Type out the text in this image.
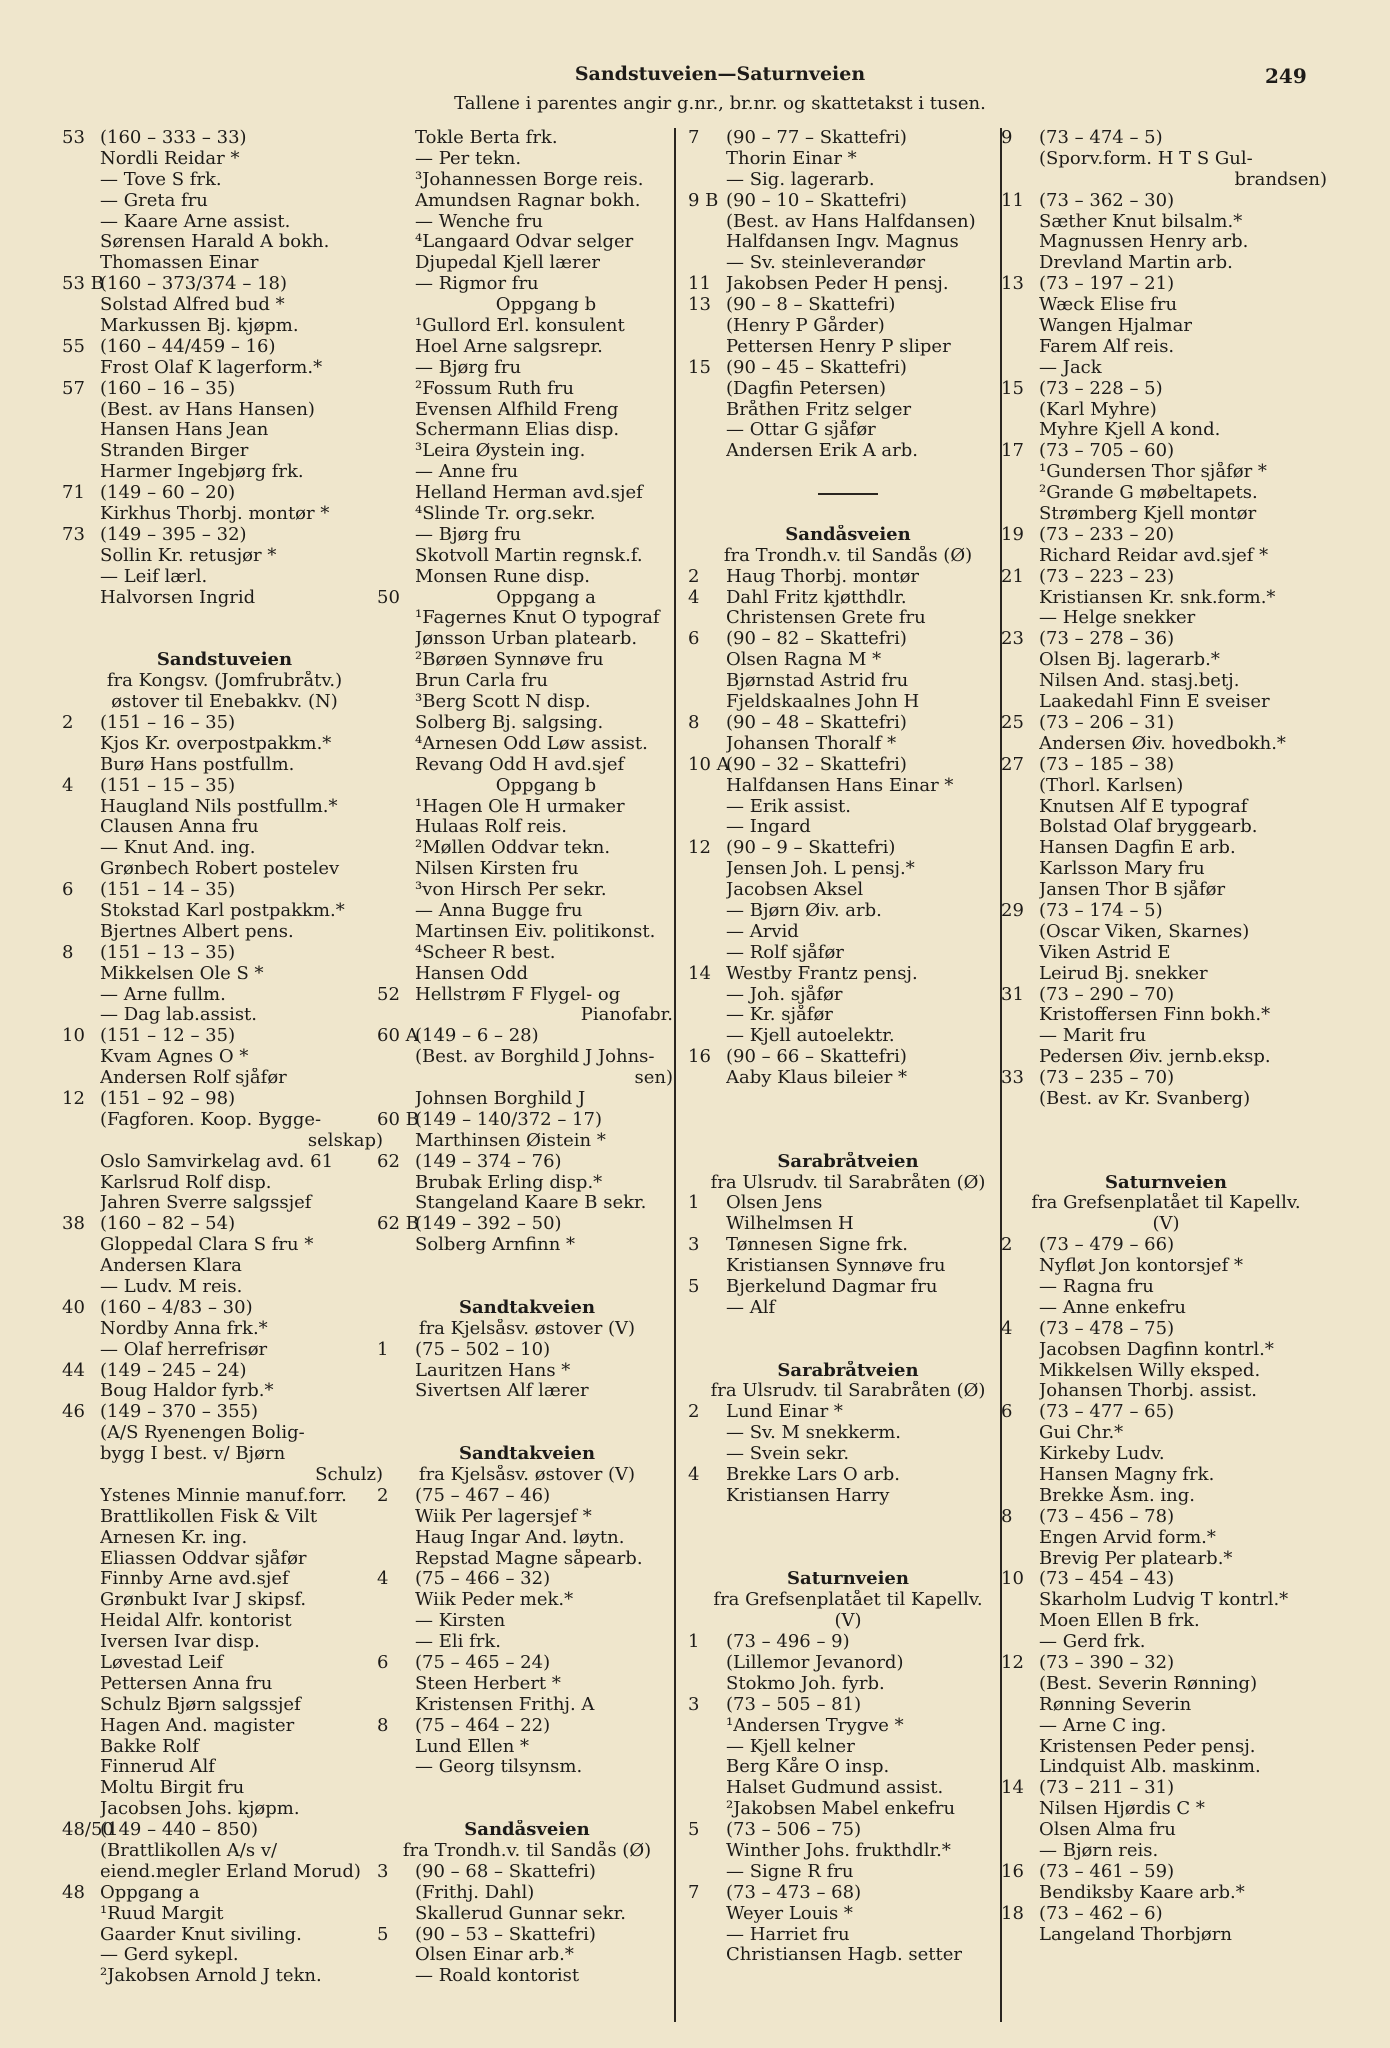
Sandstuveien—Saturnveien
Tallene i parentes angir g.nr., br.nr. og skattetakst i tusen.
249
53 (160 – 333 – 33)
Nordli Reidar *
— Tove S frk.
— Greta fru
— Kaare Arne assist.
Sørensen Harald A bokh.
Thomassen Einar
53 B
(160 – 373/374 – 18)
Solstad Alfred bud *
Markussen Bj. kjøpm.
55 (160 – 44/459 – 16)
Frost Olaf K lagerform.*
57 (160 – 16 – 35)
(Best. av Hans Hansen)
Hansen Hans Jean
Stranden Birger
Harmer Ingebjørg frk.
71 (149 – 60 – 20)
Kirkhus Thorbj. montør *
73 (149 – 395 – 32)
Sollin Kr. retusjør *
— Leif lærl.
Halvorsen Ingrid
Sandstuveien
fra Kongsv. (Jomfrubråtv.)
østover til Enebakkv. (N)
2	(151 – 16 – 35)
Kjos Kr. overpostpakkm.*
Burø Hans postfullm.
4	(151 – 15 – 35)
Haugland Nils postfullm.*
Clausen Anna fru
— Knut And. ing.
Grønbech Robert postelev
6	(151 – 14 – 35)
Stokstad Karl postpakkm.*
Bjertnes Albert pens.
8	(151 – 13 – 35)
Mikkelsen Ole S *
— Arne fullm.
— Dag lab.assist.
10 (151 – 12 – 35)
Kvam Agnes O *
Andersen Rolf sjåfør
12 (151 – 92 – 98)
(Fagforen. Koop. Bygge-
selskap)
Oslo Samvirkelag avd. 61
Karlsrud Rolf disp.
Jahren Sverre salgssjef
38 (160 – 82 – 54)
Gloppedal Clara S fru *
Andersen Klara
— Ludv. M reis.
40 (160 – 4/83 – 30)
Nordby Anna frk.*
— Olaf herrefrisør
44 (149 – 245 – 24)
Boug Haldor fyrb.*
46 (149 – 370 – 355)
(A/S Ryenengen Bolig-
bygg I best. v/ Bjørn
Schulz)
Ystenes Minnie manuf.forr.
Brattlikollen Fisk & Vilt
Arnesen Kr. ing.
Eliassen Oddvar sjåfør
Finnby Arne avd.sjef
Grønbukt Ivar J skipsf.
Heidal Alfr. kontorist
Iversen Ivar disp.
Løvestad Leif
Pettersen Anna fru
Schulz Bjørn salgssjef
Hagen And. magister
Bakke Rolf
Finnerud Alf
Moltu Birgit fru
Jacobsen Johs. kjøpm.
48/50
(149 – 440 – 850)
(Brattlikollen A/s v/
eiend.megler Erland Morud)
48 Oppgang a
¹Ruud Margit
Gaarder Knut siviling.
— Gerd sykepl.
²Jakobsen Arnold J tekn.
Tokle Berta frk.
— Per tekn.
³Johannessen Borge reis.
Amundsen Ragnar bokh.
— Wenche fru
⁴Langaard Odvar selger
Djupedal Kjell lærer
— Rigmor fru
Oppgang b
¹Gullord Erl. konsulent
Hoel Arne salgsrepr.
— Bjørg fru
²Fossum Ruth fru
Evensen Alfhild Freng
Schermann Elias disp.
³Leira Øystein ing.
— Anne fru
Helland Herman avd.sjef
⁴Slinde Tr. org.sekr.
— Bjørg fru
Skotvoll Martin regnsk.f.
Monsen Rune disp.
50	Oppgang a
¹Fagernes Knut O typograf
Jønsson Urban platearb.
²Børøen Synnøve fru
Brun Carla fru
³Berg Scott N disp.
Solberg Bj. salgsing.
⁴Arnesen Odd Løw assist.
Revang Odd H avd.sjef
Oppgang b
¹Hagen Ole H urmaker
Hulaas Rolf reis.
²Møllen Oddvar tekn.
Nilsen Kirsten fru
³von Hirsch Per sekr.
— Anna Bugge fru
Martinsen Eiv. politikonst.
⁴Scheer R best.
Hansen Odd
52 Hellstrøm F Flygel- og
Pianofabr.
60 A
(149 – 6 – 28)
(Best. av Borghild J Johns-
sen)
Johnsen Borghild J
60 B
(149 – 140/372 – 17)
Marthinsen Øistein *
62 (149 – 374 – 76)
Brubak Erling disp.*
Stangeland Kaare B sekr.
62 B
(149 – 392 – 50)
Solberg Arnfinn *
Sandtakveien
fra Kjelsåsv. østover (V)
1	(75 – 502 – 10)
Lauritzen Hans *
Sivertsen Alf lærer
Sandtakveien
fra Kjelsåsv. østover (V)
2	(75 – 467 – 46)
Wiik Per lagersjef *
Haug Ingar And. løytn.
Repstad Magne såpearb.
4	(75 – 466 – 32)
Wiik Peder mek.*
— Kirsten
— Eli frk.
6	(75 – 465 – 24)
Steen Herbert *
Kristensen Frithj. A
8	(75 – 464 – 22)
Lund Ellen *
— Georg tilsynsm.
Sandåsveien
fra Trondh.v. til Sandås (Ø)
3	(90 – 68 – Skattefri)
(Frithj. Dahl)
Skallerud Gunnar sekr.
5	(90 – 53 – Skattefri)
Olsen Einar arb.*
— Roald kontorist
7	(90 – 77 – Skattefri)
Thorin Einar *
— Sig. lagerarb.
9 B (90 – 10 – Skattefri)
(Best. av Hans Halfdansen)
Halfdansen Ingv. Magnus
— Sv. steinleverandør
11 Jakobsen Peder H pensj.
13 (90 – 8 – Skattefri)
(Henry P Gårder)
Pettersen Henry P sliper
15 (90 – 45 – Skattefri)
(Dagfin Petersen)
Bråthen Fritz selger
— Ottar G sjåfør
Andersen Erik A arb.
Sandåsveien
fra Trondh.v. til Sandås (Ø)
2	Haug Thorbj. montør
4	Dahl Fritz kjøtthdlr.
Christensen Grete fru
6	(90 – 82 – Skattefri)
Olsen Ragna M *
Bjørnstad Astrid fru
Fjeldskaalnes John H
8	(90 – 48 – Skattefri)
Johansen Thoralf *
10 A
(90 – 32 – Skattefri)
Halfdansen Hans Einar *
— Erik assist.
— Ingard
12 (90 – 9 – Skattefri)
Jensen Joh. L pensj.*
Jacobsen Aksel
— Bjørn Øiv. arb.
— Arvid
— Rolf sjåfør
14 Westby Frantz pensj.
— Joh. sjåfør
— Kr. sjåfør
— Kjell autoelektr.
16 (90 – 66 – Skattefri)
Aaby Klaus bileier *
Sarabråtveien
fra Ulsrudv. til Sarabråten (Ø)
1	Olsen Jens
Wilhelmsen H
3	Tønnesen Signe frk.
Kristiansen Synnøve fru
5	Bjerkelund Dagmar fru
— Alf
Sarabråtveien
fra Ulsrudv. til Sarabråten (Ø)
2	Lund Einar *
— Sv. M snekkerm.
— Svein sekr.
4	Brekke Lars O arb.
Kristiansen Harry
Saturnveien
fra Grefsenplatået til Kapellv.
(V)
1	(73 – 496 – 9)
(Lillemor Jevanord)
Stokmo Joh. fyrb.
3	(73 – 505 – 81)
¹Andersen Trygve *
— Kjell kelner
Berg Kåre O insp.
Halset Gudmund assist.
²Jakobsen Mabel enkefru
5	(73 – 506 – 75)
Winther Johs. frukthdlr.*
— Signe R fru
7	(73 – 473 – 68)
Weyer Louis *
— Harriet fru
Christiansen Hagb. setter
9	(73 – 474 – 5)
(Sporv.form. H T S Gul-
brandsen)
11 (73 – 362 – 30)
Sæther Knut bilsalm.*
Magnussen Henry arb.
Drevland Martin arb.
13 (73 – 197 – 21)
Wæck Elise fru
Wangen Hjalmar
Farem Alf reis.
— Jack
15 (73 – 228 – 5)
(Karl Myhre)
Myhre Kjell A kond.
17 (73 – 705 – 60)
¹Gundersen Thor sjåfør *
²Grande G møbeltapets.
Strømberg Kjell montør
19 (73 – 233 – 20)
Richard Reidar avd.sjef *
21 (73 – 223 – 23)
Kristiansen Kr. snk.form.*
— Helge snekker
23 (73 – 278 – 36)
Olsen Bj. lagerarb.*
Nilsen And. stasj.betj.
Laakedahl Finn E sveiser
25 (73 – 206 – 31)
Andersen Øiv. hovedbokh.*
27 (73 – 185 – 38)
(Thorl. Karlsen)
Knutsen Alf E typograf
Bolstad Olaf bryggearb.
Hansen Dagfin E arb.
Karlsson Mary fru
Jansen Thor B sjåfør
29 (73 – 174 – 5)
(Oscar Viken, Skarnes)
Viken Astrid E
Leirud Bj. snekker
31 (73 – 290 – 70)
Kristoffersen Finn bokh.*
— Marit fru
Pedersen Øiv. jernb.eksp.
33 (73 – 235 – 70)
(Best. av Kr. Svanberg)
Saturnveien
fra Grefsenplatået til Kapellv.
(V)
2	(73 – 479 – 66)
Nyfløt Jon kontorsjef *
— Ragna fru
— Anne enkefru
4	(73 – 478 – 75)
Jacobsen Dagfinn kontrl.*
Mikkelsen Willy eksped.
Johansen Thorbj. assist.
6	(73 – 477 – 65)
Gui Chr.*
Kirkeby Ludv.
Hansen Magny frk.
Brekke Åsm. ing.
8	(73 – 456 – 78)
Engen Arvid form.*
Brevig Per platearb.*
10 (73 – 454 – 43)
Skarholm Ludvig T kontrl.*
Moen Ellen B frk.
— Gerd frk.
12 (73 – 390 – 32)
(Best. Severin Rønning)
Rønning Severin
— Arne C ing.
Kristensen Peder pensj.
Lindquist Alb. maskinm.
14 (73 – 211 – 31)
Nilsen Hjørdis C *
Olsen Alma fru
— Bjørn reis.
16 (73 – 461 – 59)
Bendiksby Kaare arb.*
18 (73 – 462 – 6)
Langeland Thorbjørn
